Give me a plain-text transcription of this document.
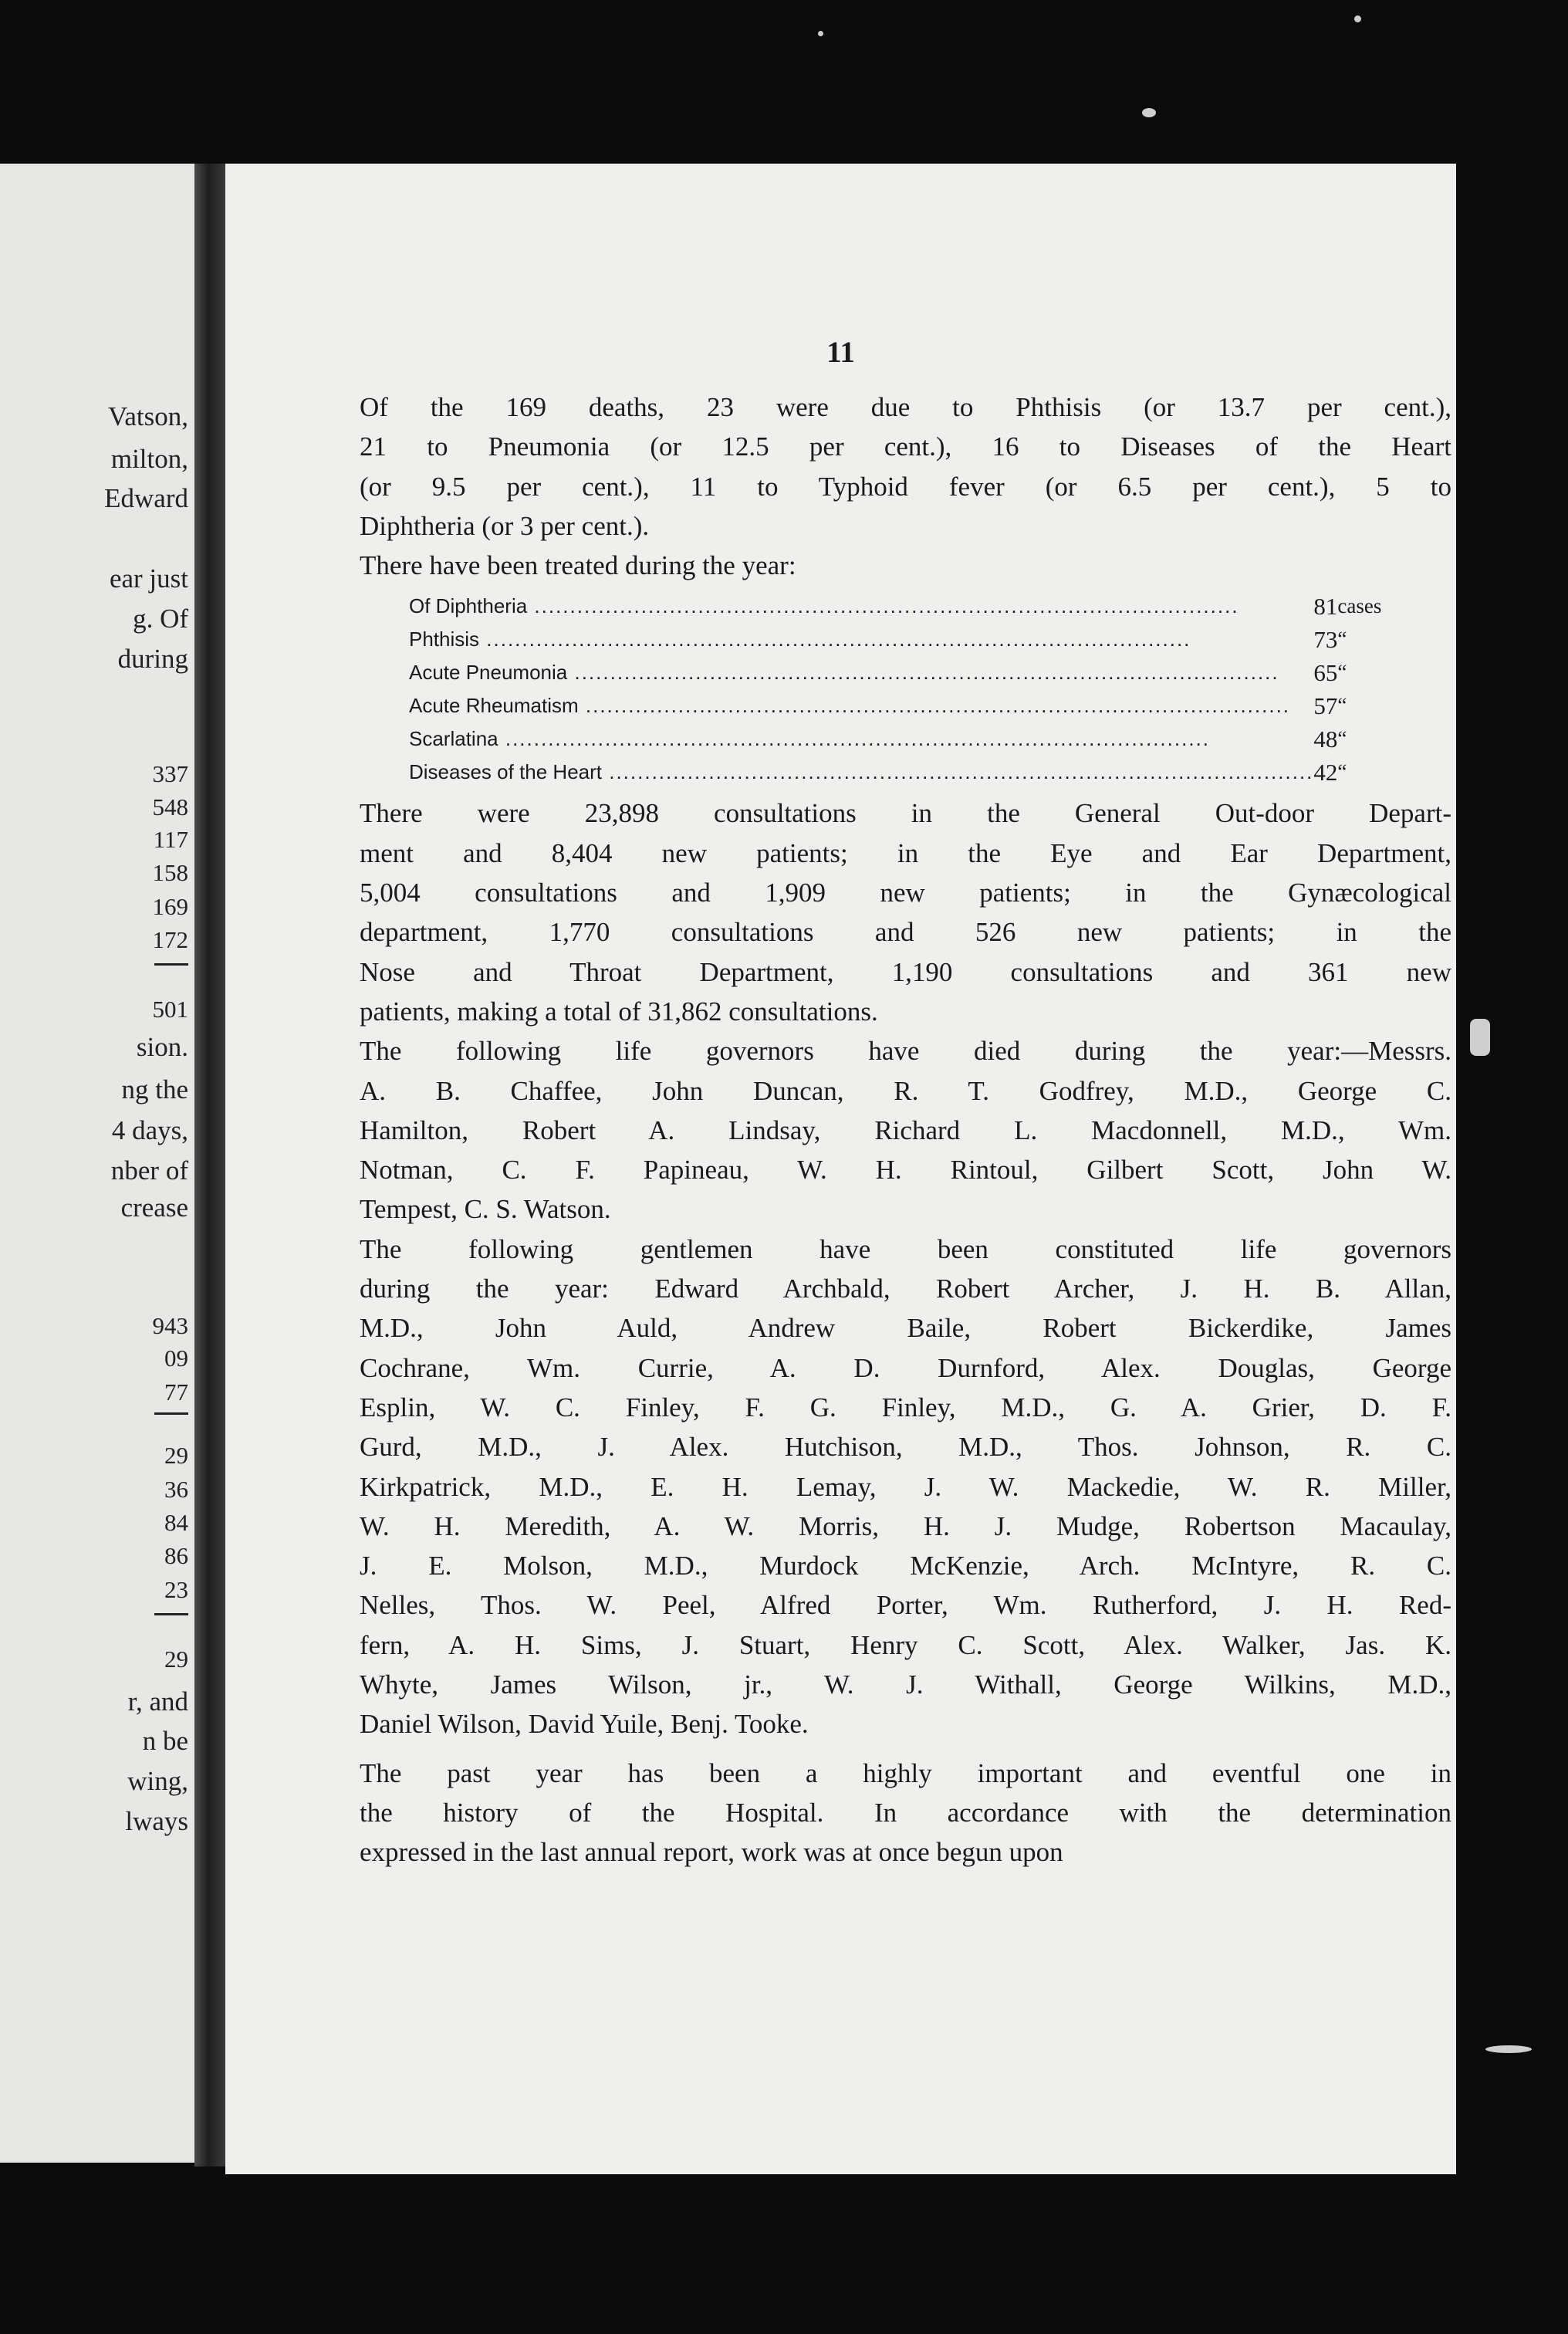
Vatson,
milton,
Edward
ear just
g. Of
during
337
548
117
158
169
172
501
sion.
ng the
4 days,
nber of
crease
943
09
77
29
36
84
86
23
29
r, and
n be
wing,
lways
11

Of the 169 deaths, 23 were due to Phthisis (or 13.7 per cent.),
21 to Pneumonia (or 12.5 per cent.), 16 to Diseases of the Heart
(or 9.5 per cent.), 11 to Typhoid fever (or 6.5 per cent.), 5 to
Diphtheria (or 3 per cent.).

There have been treated during the year:

Of Diphtheria .....	81	cases
Phthisis .....	73	“
Acute Pneumonia .....	65	“
Acute Rheumatism .....	57	“
Scarlatina .....	48	“
Diseases of the Heart .....	42	“

There were 23,898 consultations in the General Out-door Depart-
ment and 8,404 new patients; in the Eye and Ear Department,
5,004 consultations and 1,909 new patients; in the Gynæcological
department, 1,770 consultations and 526 new patients; in the
Nose and Throat Department, 1,190 consultations and 361 new
patients, making a total of 31,862 consultations.

The following life governors have died during the year:—Messrs.
A. B. Chaffee, John Duncan, R. T. Godfrey, M.D., George C.
Hamilton, Robert A. Lindsay, Richard L. Macdonnell, M.D., Wm.
Notman, C. F. Papineau, W. H. Rintoul, Gilbert Scott, John W.
Tempest, C. S. Watson.

The following gentlemen have been constituted life governors
during the year: Edward Archbald, Robert Archer, J. H. B. Allan,
M.D., John Auld, Andrew Baile, Robert Bickerdike, James
Cochrane, Wm. Currie, A. D. Durnford, Alex. Douglas, George
Esplin, W. C. Finley, F. G. Finley, M.D., G. A. Grier, D. F.
Gurd, M.D., J. Alex. Hutchison, M.D., Thos. Johnson, R. C.
Kirkpatrick, M.D., E. H. Lemay, J. W. Mackedie, W. R. Miller,
W. H. Meredith, A. W. Morris, H. J. Mudge, Robertson Macaulay,
J. E. Molson, M.D., Murdock McKenzie, Arch. McIntyre, R. C.
Nelles, Thos. W. Peel, Alfred Porter, Wm. Rutherford, J. H. Red-
fern, A. H. Sims, J. Stuart, Henry C. Scott, Alex. Walker, Jas. K.
Whyte, James Wilson, jr., W. J. Withall, George Wilkins, M.D.,
Daniel Wilson, David Yuile, Benj. Tooke.

The past year has been a highly important and eventful one in
the history of the Hospital. In accordance with the determination
expressed in the last annual report, work was at once begun upon
